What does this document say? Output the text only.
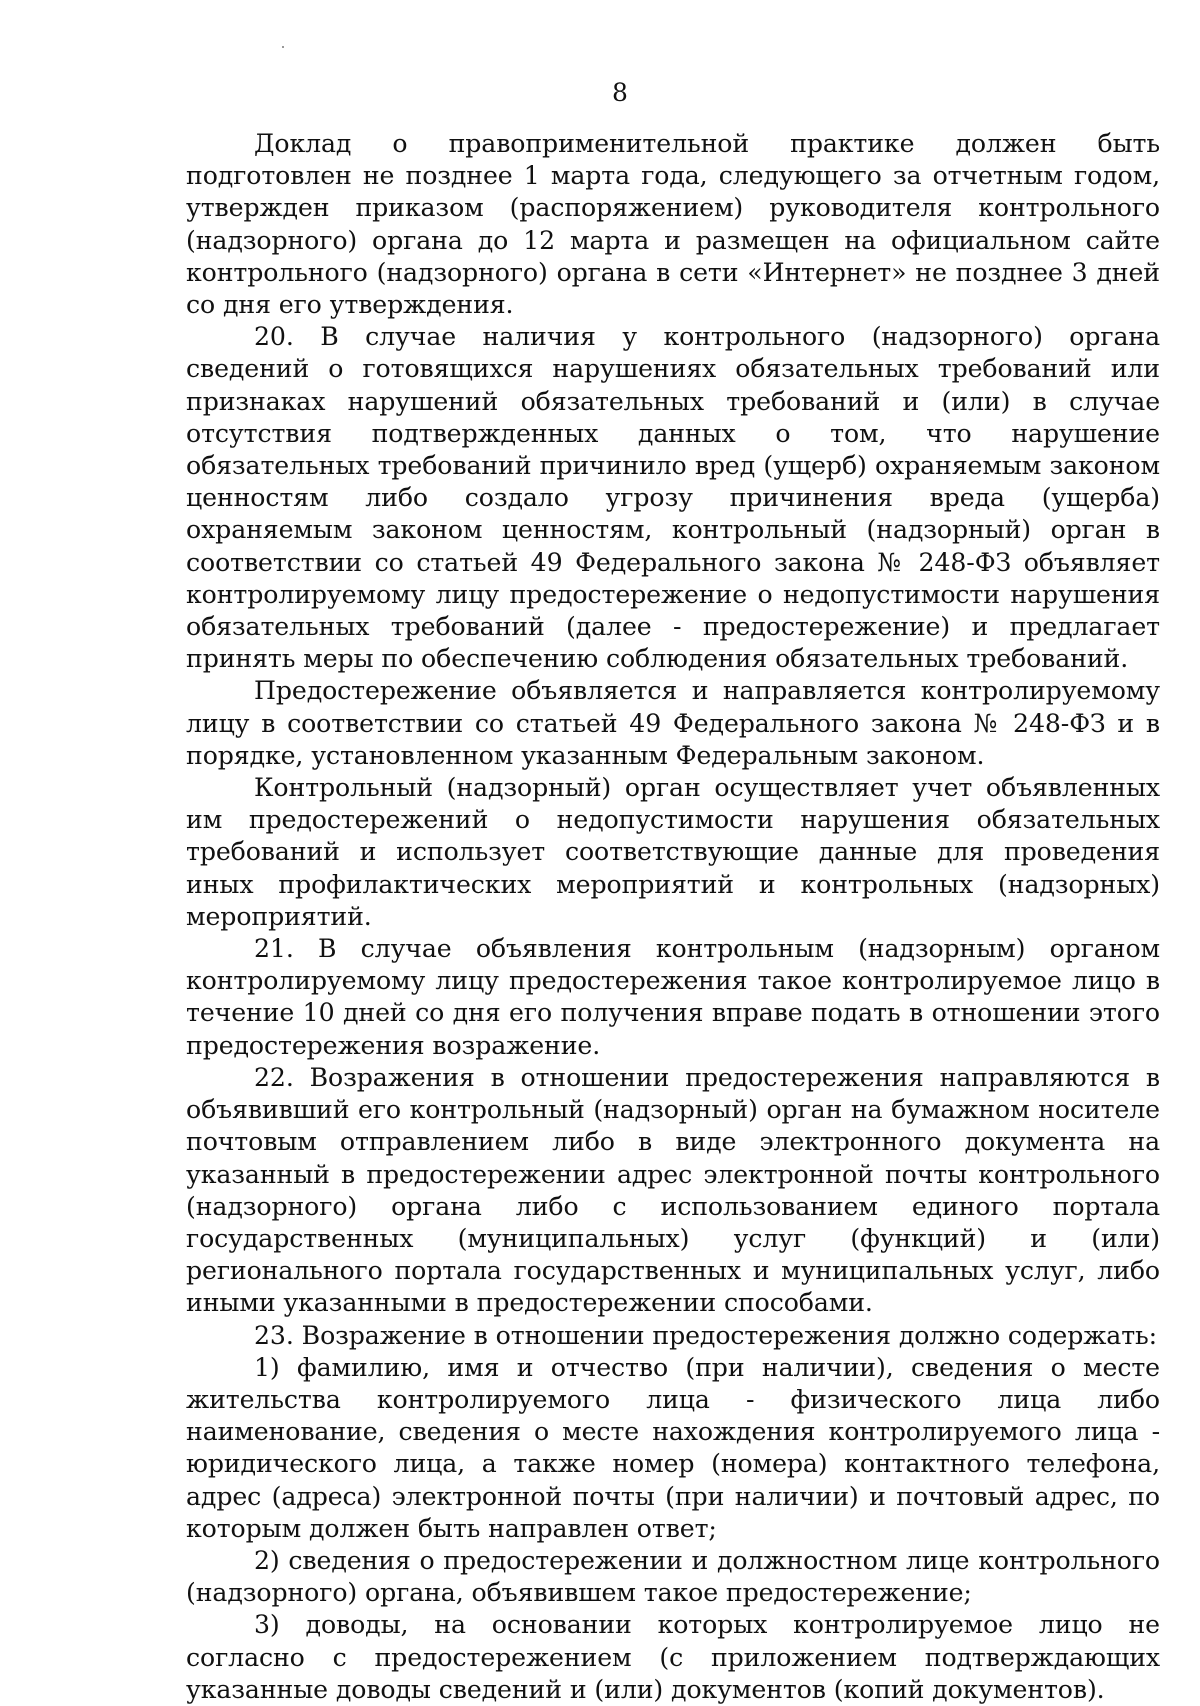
8

Доклад о правоприменительной практике должен быть подготовлен не позднее 1 марта года, следующего за отчетным годом, утвержден приказом (распоряжением) руководителя контрольного (надзорного) органа до 12 марта и размещен на официальном сайте контрольного (надзорного) органа в сети «Интернет» не позднее 3 дней со дня его утверждения.

20. В случае наличия у контрольного (надзорного) органа сведений о готовящихся нарушениях обязательных требований или признаках нарушений обязательных требований и (или) в случае отсутствия подтвержденных данных о том, что нарушение обязательных требований причинило вред (ущерб) охраняемым законом ценностям либо создало угрозу причинения вреда (ущерба) охраняемым законом ценностям, контрольный (надзорный) орган в соответствии со статьей 49 Федерального закона № 248-ФЗ объявляет контролируемому лицу предостережение о недопустимости нарушения обязательных требований (далее - предостережение) и предлагает принять меры по обеспечению соблюдения обязательных требований.

Предостережение объявляется и направляется контролируемому лицу в соответствии со статьей 49 Федерального закона № 248-ФЗ и в порядке, установленном указанным Федеральным законом.

Контрольный (надзорный) орган осуществляет учет объявленных им предостережений о недопустимости нарушения обязательных требований и использует соответствующие данные для проведения иных профилактических мероприятий и контрольных (надзорных) мероприятий.

21. В случае объявления контрольным (надзорным) органом контролируемому лицу предостережения такое контролируемое лицо в течение 10 дней со дня его получения вправе подать в отношении этого предостережения возражение.

22. Возражения в отношении предостережения направляются в объявивший его контрольный (надзорный) орган на бумажном носителе почтовым отправлением либо в виде электронного документа на указанный в предостережении адрес электронной почты контрольного (надзорного) органа либо с использованием единого портала государственных (муниципальных) услуг (функций) и (или) регионального портала государственных и муниципальных услуг, либо иными указанными в предостережении способами.

23. Возражение в отношении предостережения должно содержать:

1) фамилию, имя и отчество (при наличии), сведения о месте жительства контролируемого лица - физического лица либо наименование, сведения о месте нахождения контролируемого лица - юридического лица, а также номер (номера) контактного телефона, адрес (адреса) электронной почты (при наличии) и почтовый адрес, по которым должен быть направлен ответ;

2) сведения о предостережении и должностном лице контрольного (надзорного) органа, объявившем такое предостережение;

3) доводы, на основании которых контролируемое лицо не согласно с предостережением (с приложением подтверждающих указанные доводы сведений и (или) документов (копий документов).
